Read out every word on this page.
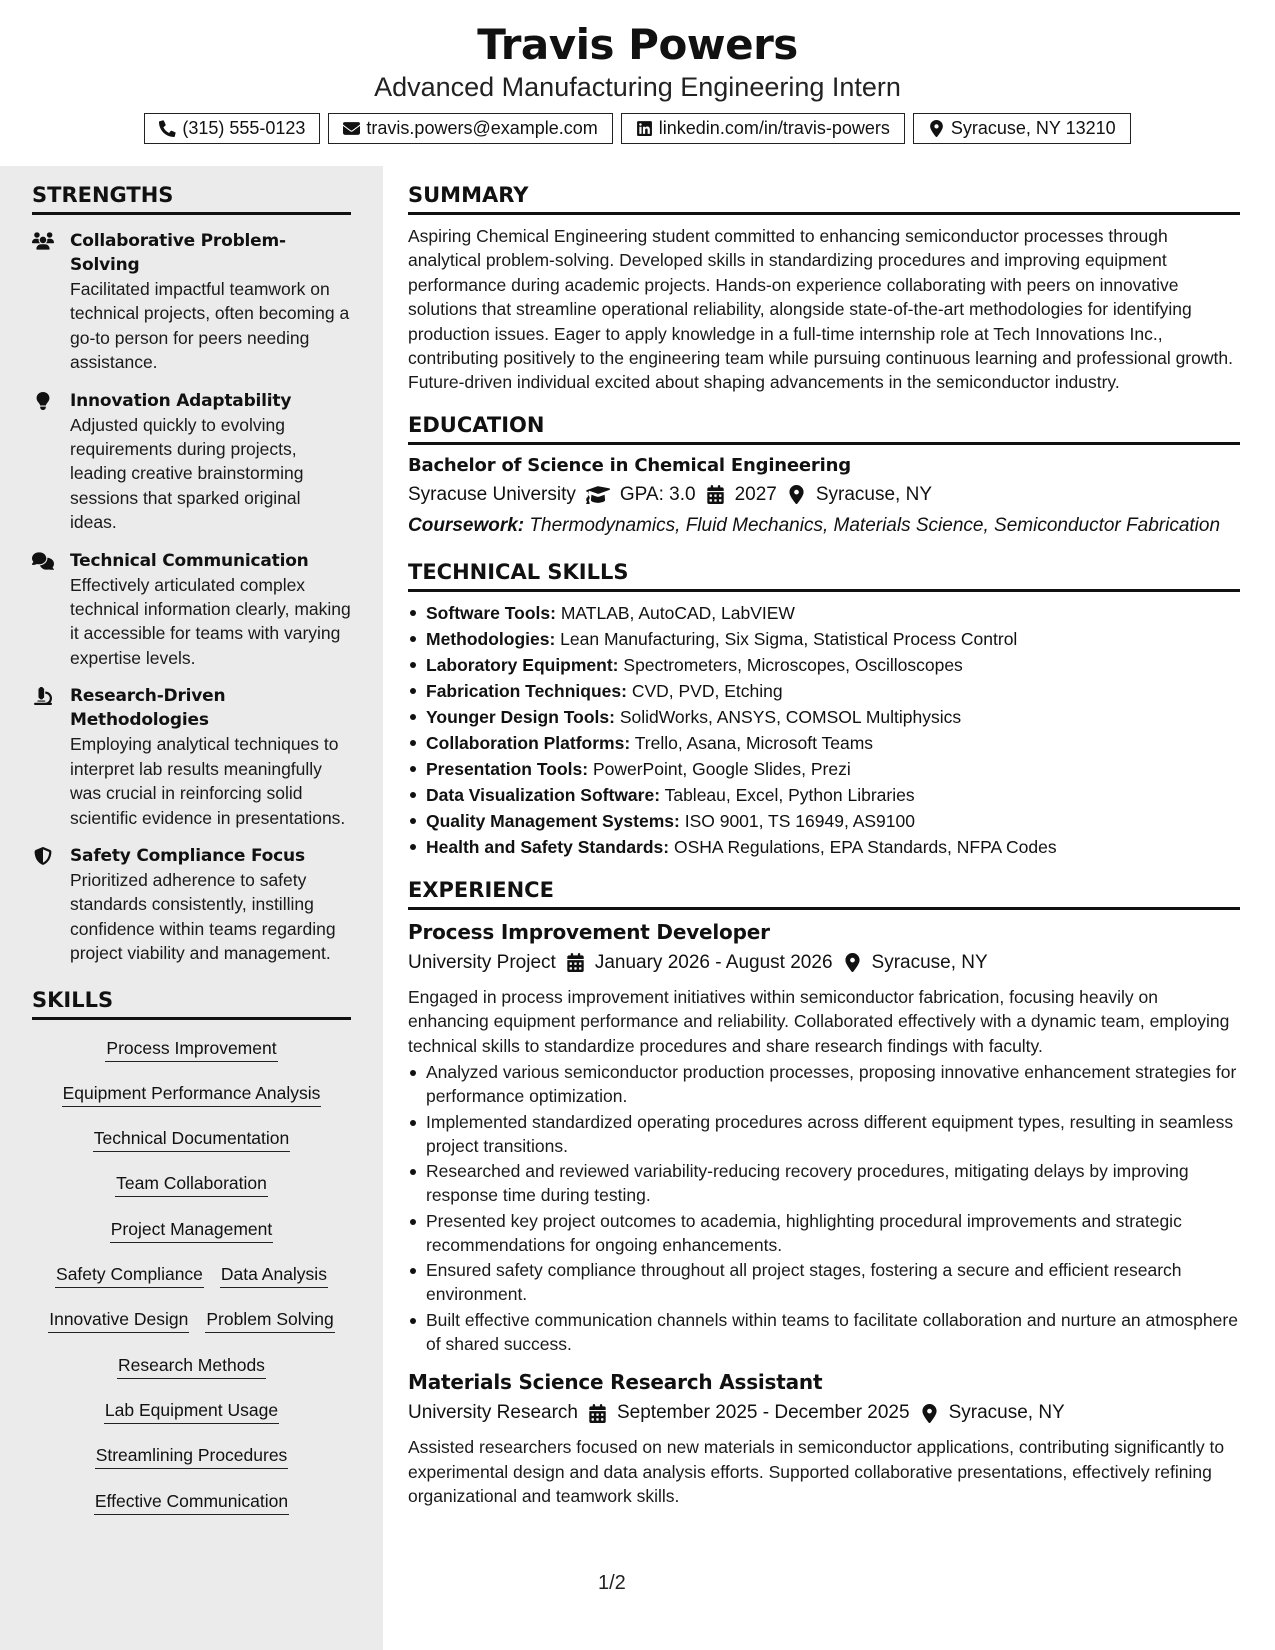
Travis Powers
Advanced Manufacturing Engineering Intern
(315) 555-0123	travis.powers@example.com	linkedin.com/in/travis-powers	Syracuse, NY 13210
STRENGTHS
Collaborative Problem-Solving
Facilitated impactful teamwork on technical projects, often becoming a go-to person for peers needing assistance.
Innovation Adaptability
Adjusted quickly to evolving requirements during projects, leading creative brainstorming sessions that sparked original ideas.
Technical Communication
Effectively articulated complex technical information clearly, making it accessible for teams with varying expertise levels.
Research-Driven Methodologies
Employing analytical techniques to interpret lab results meaningfully was crucial in reinforcing solid scientific evidence in presentations.
Safety Compliance Focus
Prioritized adherence to safety standards consistently, instilling confidence within teams regarding project viability and management.
SKILLS
Process Improvement
Equipment Performance Analysis
Technical Documentation
Team Collaboration
Project Management
Safety Compliance Data Analysis
Innovative Design Problem Solving
Research Methods
Lab Equipment Usage
Streamlining Procedures
Effective Communication
SUMMARY
Aspiring Chemical Engineering student committed to enhancing semiconductor processes through analytical problem-solving. Developed skills in standardizing procedures and improving equipment performance during academic projects. Hands-on experience collaborating with peers on innovative solutions that streamline operational reliability, alongside state-of-the-art methodologies for identifying production issues. Eager to apply knowledge in a full-time internship role at Tech Innovations Inc., contributing positively to the engineering team while pursuing continuous learning and professional growth. Future-driven individual excited about shaping advancements in the semiconductor industry.
EDUCATION
Bachelor of Science in Chemical Engineering
Syracuse University GPA: 3.0 2027 Syracuse, NY
Coursework: Thermodynamics, Fluid Mechanics, Materials Science, Semiconductor Fabrication
TECHNICAL SKILLS
Software Tools: MATLAB, AutoCAD, LabVIEW
Methodologies: Lean Manufacturing, Six Sigma, Statistical Process Control
Laboratory Equipment: Spectrometers, Microscopes, Oscilloscopes
Fabrication Techniques: CVD, PVD, Etching
Younger Design Tools: SolidWorks, ANSYS, COMSOL Multiphysics
Collaboration Platforms: Trello, Asana, Microsoft Teams
Presentation Tools: PowerPoint, Google Slides, Prezi
Data Visualization Software: Tableau, Excel, Python Libraries
Quality Management Systems: ISO 9001, TS 16949, AS9100
Health and Safety Standards: OSHA Regulations, EPA Standards, NFPA Codes
EXPERIENCE
Process Improvement Developer
University Project January 2026 - August 2026 Syracuse, NY
Engaged in process improvement initiatives within semiconductor fabrication, focusing heavily on enhancing equipment performance and reliability. Collaborated effectively with a dynamic team, employing technical skills to standardize procedures and share research findings with faculty.
Analyzed various semiconductor production processes, proposing innovative enhancement strategies for performance optimization.
Implemented standardized operating procedures across different equipment types, resulting in seamless project transitions.
Researched and reviewed variability-reducing recovery procedures, mitigating delays by improving response time during testing.
Presented key project outcomes to academia, highlighting procedural improvements and strategic recommendations for ongoing enhancements.
Ensured safety compliance throughout all project stages, fostering a secure and efficient research environment.
Built effective communication channels within teams to facilitate collaboration and nurture an atmosphere of shared success.
Materials Science Research Assistant
University Research September 2025 - December 2025 Syracuse, NY
Assisted researchers focused on new materials in semiconductor applications, contributing significantly to experimental design and data analysis efforts. Supported collaborative presentations, effectively refining organizational and teamwork skills.
1/2
